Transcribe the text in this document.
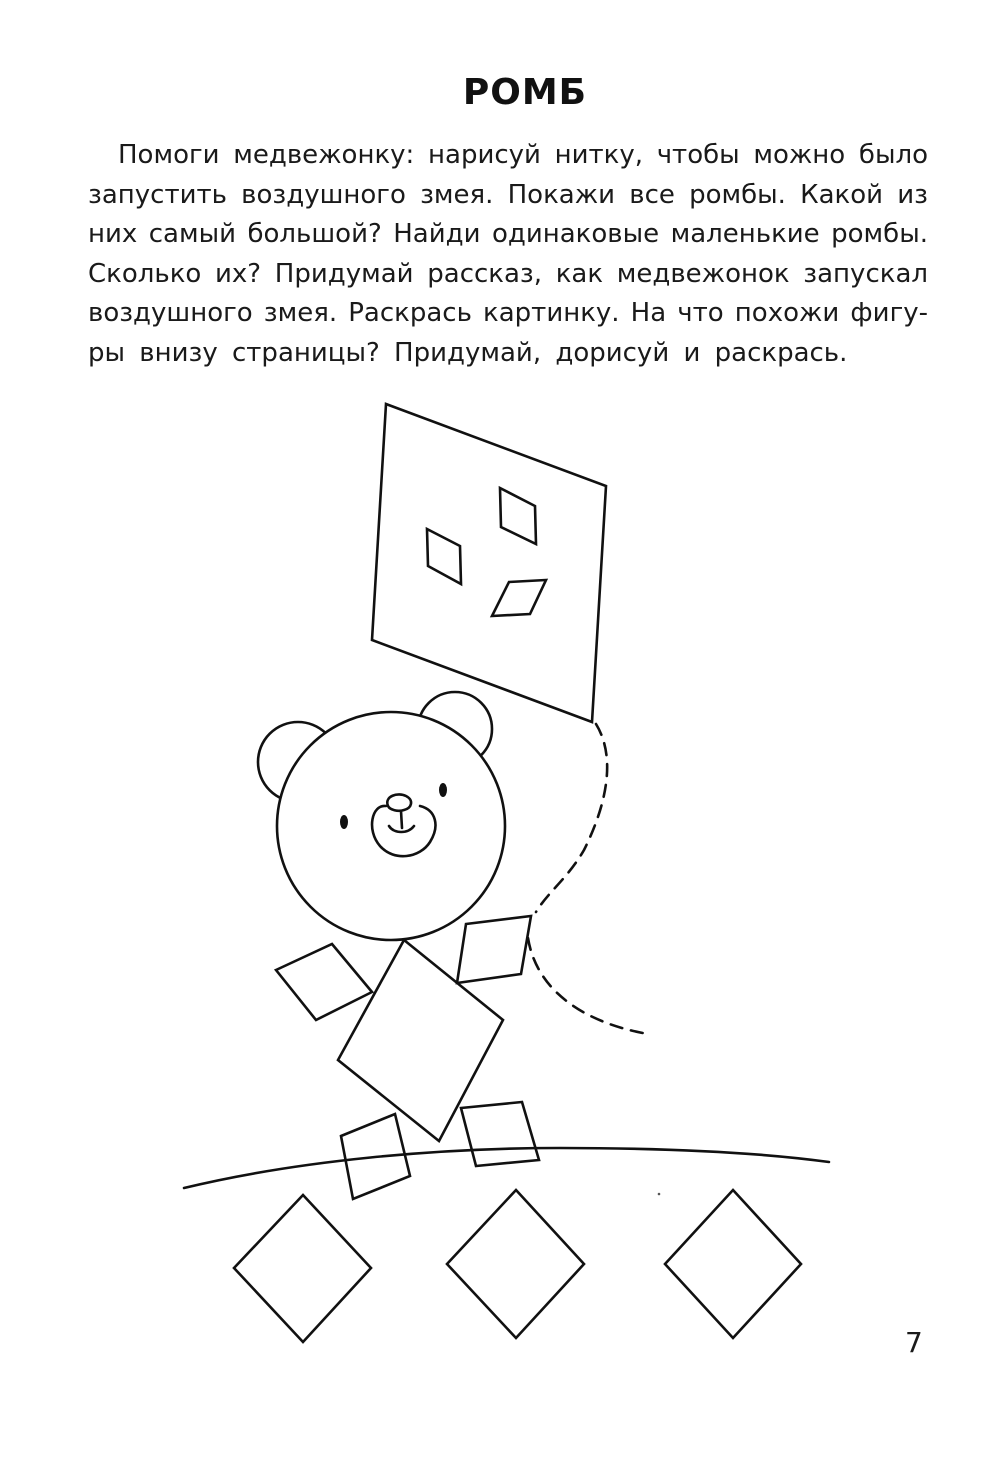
РОМБ

Помоги медвежонку: нарисуй нитку, чтобы можно было
запустить воздушного змея. Покажи все ромбы. Какой из
них самый большой? Найди одинаковые маленькие ромбы.
Сколько их? Придумай рассказ, как медвежонок запускал
воздушного змея. Раскрась картинку. На что похожи фигу-
ры внизу страницы? Придумай, дорисуй и раскрась.

7
